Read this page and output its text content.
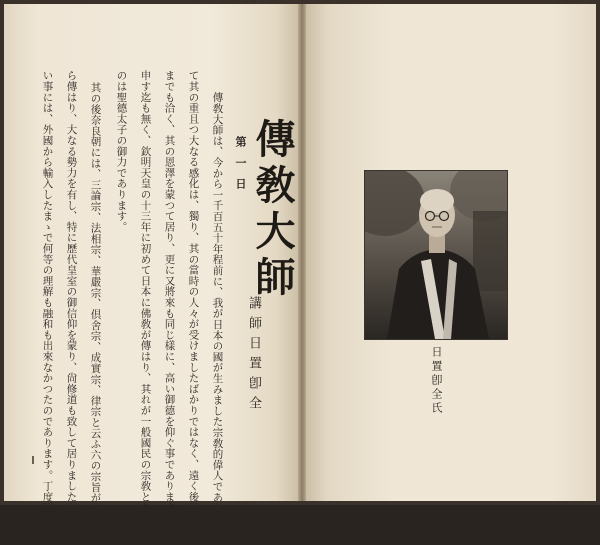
傳敎大師は、今から一千百五十年程前に、我が日本の國が生みました宗敎的偉人でありまし
て其の重且つ大なる感化は、獨り、其の當時の人々が受けましたばかりではなく、遠く後世の今日
までも洽く、其の恩澤を蒙つて居り、更に又將來も同じ樣に、高い御德を仰ぐ事であります。
申す迄も無く、欽明天皇の十三年に初めて日本に佛敎が傳はり、其れが一般國民の宗敎となつた
のは聖德太子の御力であります。
其の後奈良朝には、三論宗、法相宗、華嚴宗、倶舍宗、成實宗、律宗と云ふ六の宗旨が支那か
ら傳はり、大なる勢力を有し、特に歷代皇室の御信仰を蒙り、尙修道も致して居りましたが、惜し
い事には、外國から輸入したまゝで何等の理解も融和も出來なかつたのであります。丁度明治初	第一日 傳敎大師
講師日置卽全	日置卽全氏
